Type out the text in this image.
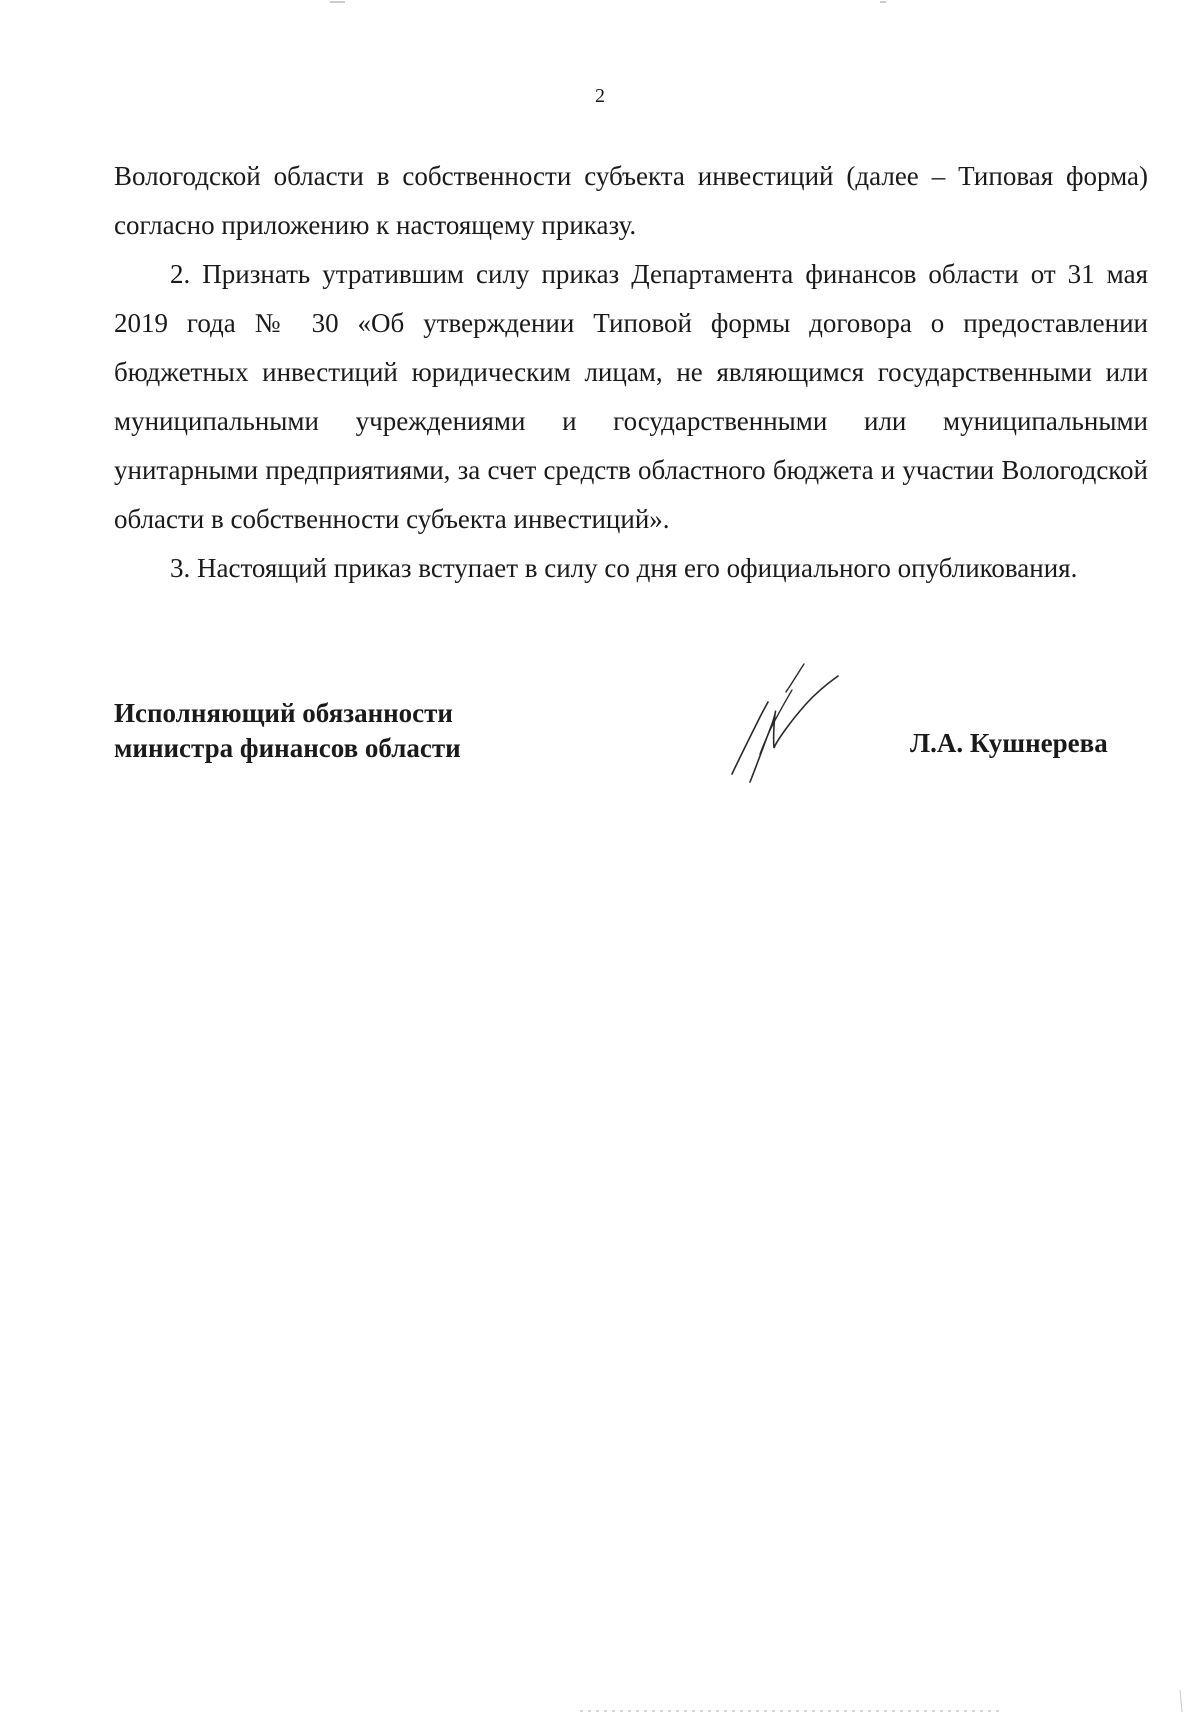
2

Вологодской области в собственности субъекта инвестиций (далее – Типовая форма) согласно приложению к настоящему приказу.

2. Признать утратившим силу приказ Департамента финансов области от 31 мая 2019 года № 30 «Об утверждении Типовой формы договора о предоставлении бюджетных инвестиций юридическим лицам, не являющимся государственными или муниципальными учреждениями и государственными или муниципальными унитарными предприятиями, за счет средств областного бюджета и участии Вологодской области в собственности субъекта инвестиций».

3. Настоящий приказ вступает в силу со дня его официального опубликования.

Исполняющий обязанности
министра финансов области	Л.А. Кушнерева
